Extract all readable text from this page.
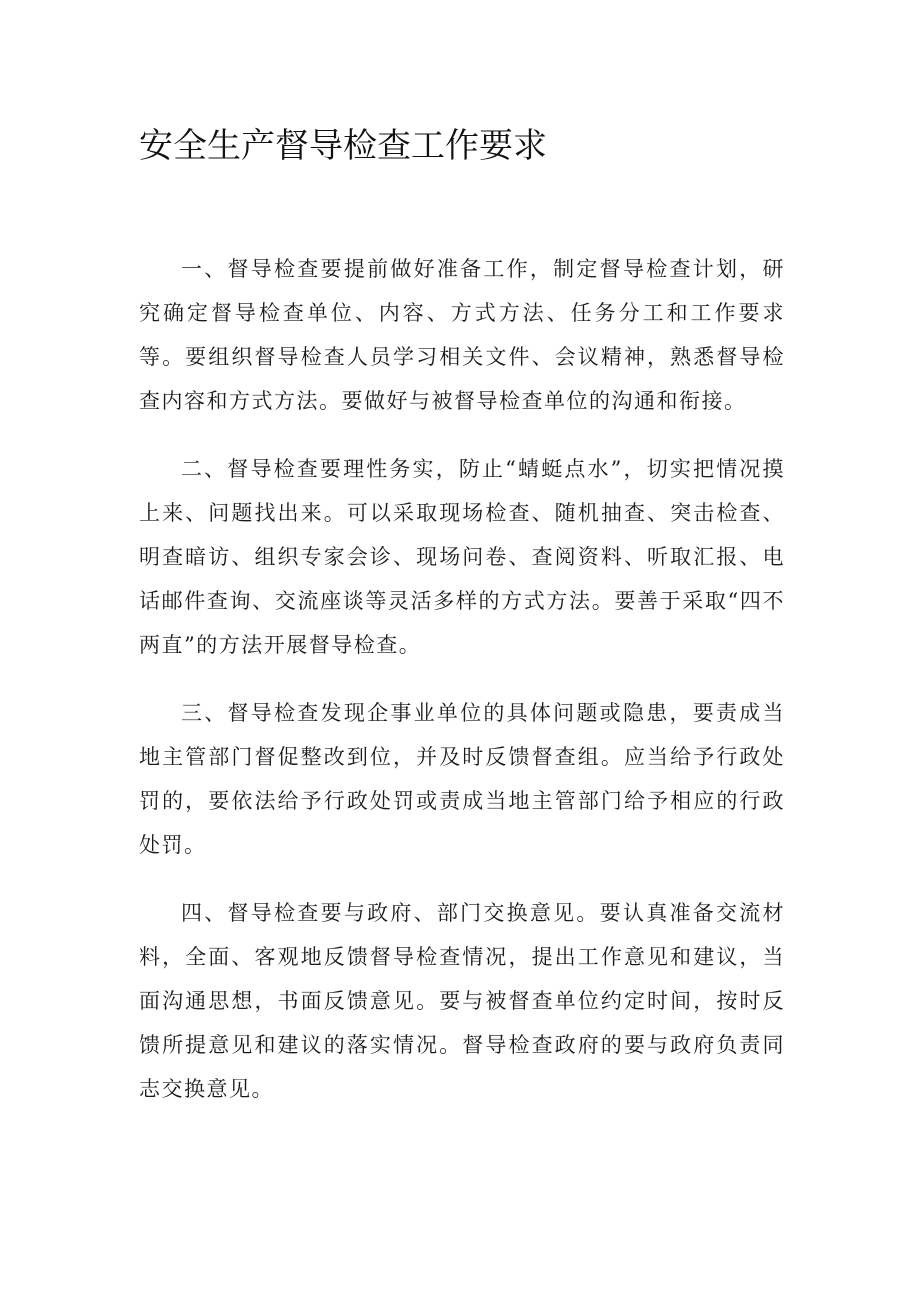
安全生产督导检查工作要求

一、督导检查要提前做好准备工作，制定督导检查计划，研究确定督导检查单位、内容、方式方法、任务分工和工作要求等。要组织督导检查人员学习相关文件、会议精神，熟悉督导检查内容和方式方法。要做好与被督导检查单位的沟通和衔接。

二、督导检查要理性务实，防止“蜻蜓点水”，切实把情况摸上来、问题找出来。可以采取现场检查、随机抽查、突击检查、明查暗访、组织专家会诊、现场问卷、查阅资料、听取汇报、电话邮件查询、交流座谈等灵活多样的方式方法。要善于采取“四不两直”的方法开展督导检查。

三、督导检查发现企事业单位的具体问题或隐患，要责成当地主管部门督促整改到位，并及时反馈督查组。应当给予行政处罚的，要依法给予行政处罚或责成当地主管部门给予相应的行政处罚。

四、督导检查要与政府、部门交换意见。要认真准备交流材料，全面、客观地反馈督导检查情况，提出工作意见和建议，当面沟通思想，书面反馈意见。要与被督查单位约定时间，按时反馈所提意见和建议的落实情况。督导检查政府的要与政府负责同志交换意见。
